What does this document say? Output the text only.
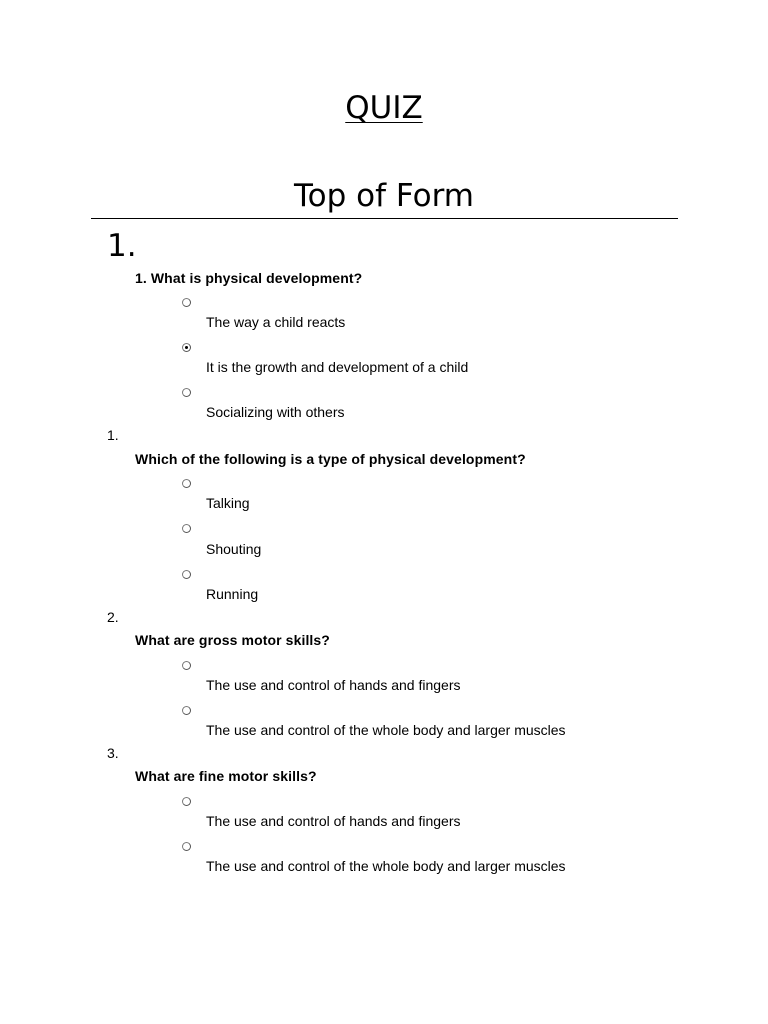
QUIZ
Top of Form
1.
1. What is physical development?
The way a child reacts
It is the growth and development of a child
Socializing with others
1.
Which of the following is a type of physical development?
Talking
Shouting
Running
2.
What are gross motor skills?
The use and control of hands and fingers
The use and control of the whole body and larger muscles
3.
What are fine motor skills?
The use and control of hands and fingers
The use and control of the whole body and larger muscles
